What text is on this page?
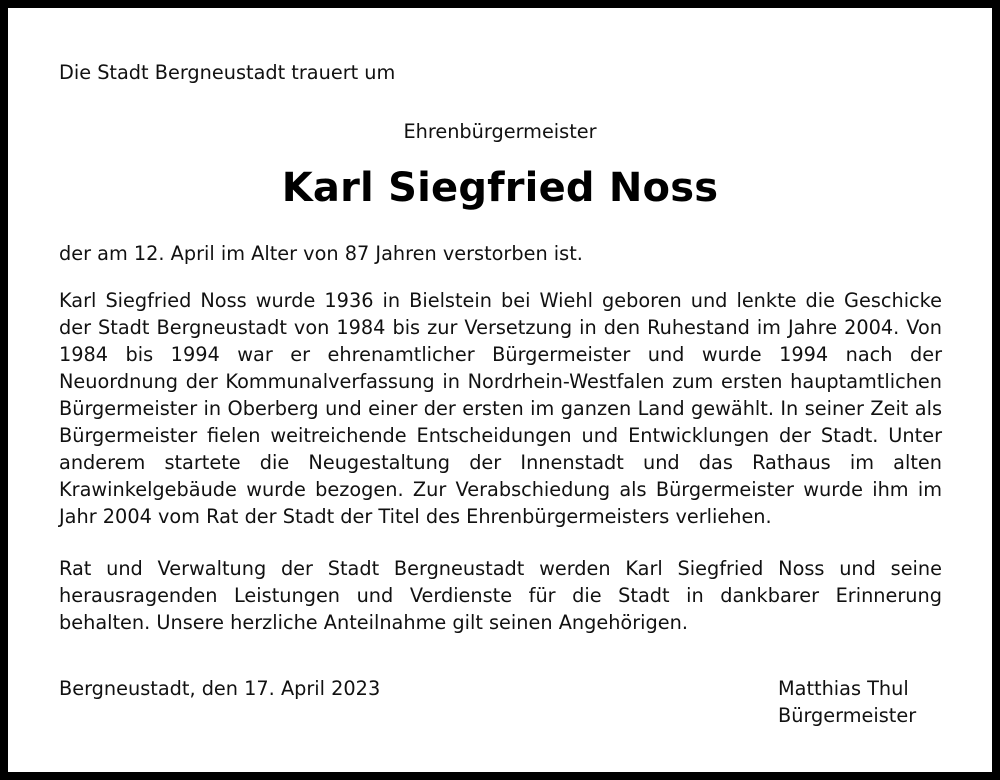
Die Stadt Bergneustadt trauert um
Ehrenbürgermeister
Karl Siegfried Noss
der am 12. April im Alter von 87 Jahren verstorben ist.

Karl Siegfried Noss wurde 1936 in Bielstein bei Wiehl geboren und lenkte die Geschicke der Stadt Bergneustadt von 1984 bis zur Versetzung in den Ruhestand im Jahre 2004. Von 1984 bis 1994 war er ehrenamtlicher Bürgermeister und wurde 1994 nach der Neuordnung der Kommunalverfassung in Nordrhein-Westfalen zum ersten hauptamtlichen Bürgermeister in Oberberg und einer der ersten im ganzen Land gewählt. In seiner Zeit als Bürgermeister fielen weitreichende Entscheidungen und Entwicklungen der Stadt. Unter anderem startete die Neugestaltung der Innenstadt und das Rathaus im alten Krawinkelgebäude wurde bezogen. Zur Verabschiedung als Bürgermeister wurde ihm im Jahr 2004 vom Rat der Stadt der Titel des Ehrenbürgermeisters verliehen.

Rat und Verwaltung der Stadt Bergneustadt werden Karl Siegfried Noss und seine herausragenden Leistungen und Verdienste für die Stadt in dankbarer Erinnerung behalten. Unsere herzliche Anteilnahme gilt seinen Angehörigen.

Bergneustadt, den 17. April 2023	Matthias Thul
Bürgermeister
